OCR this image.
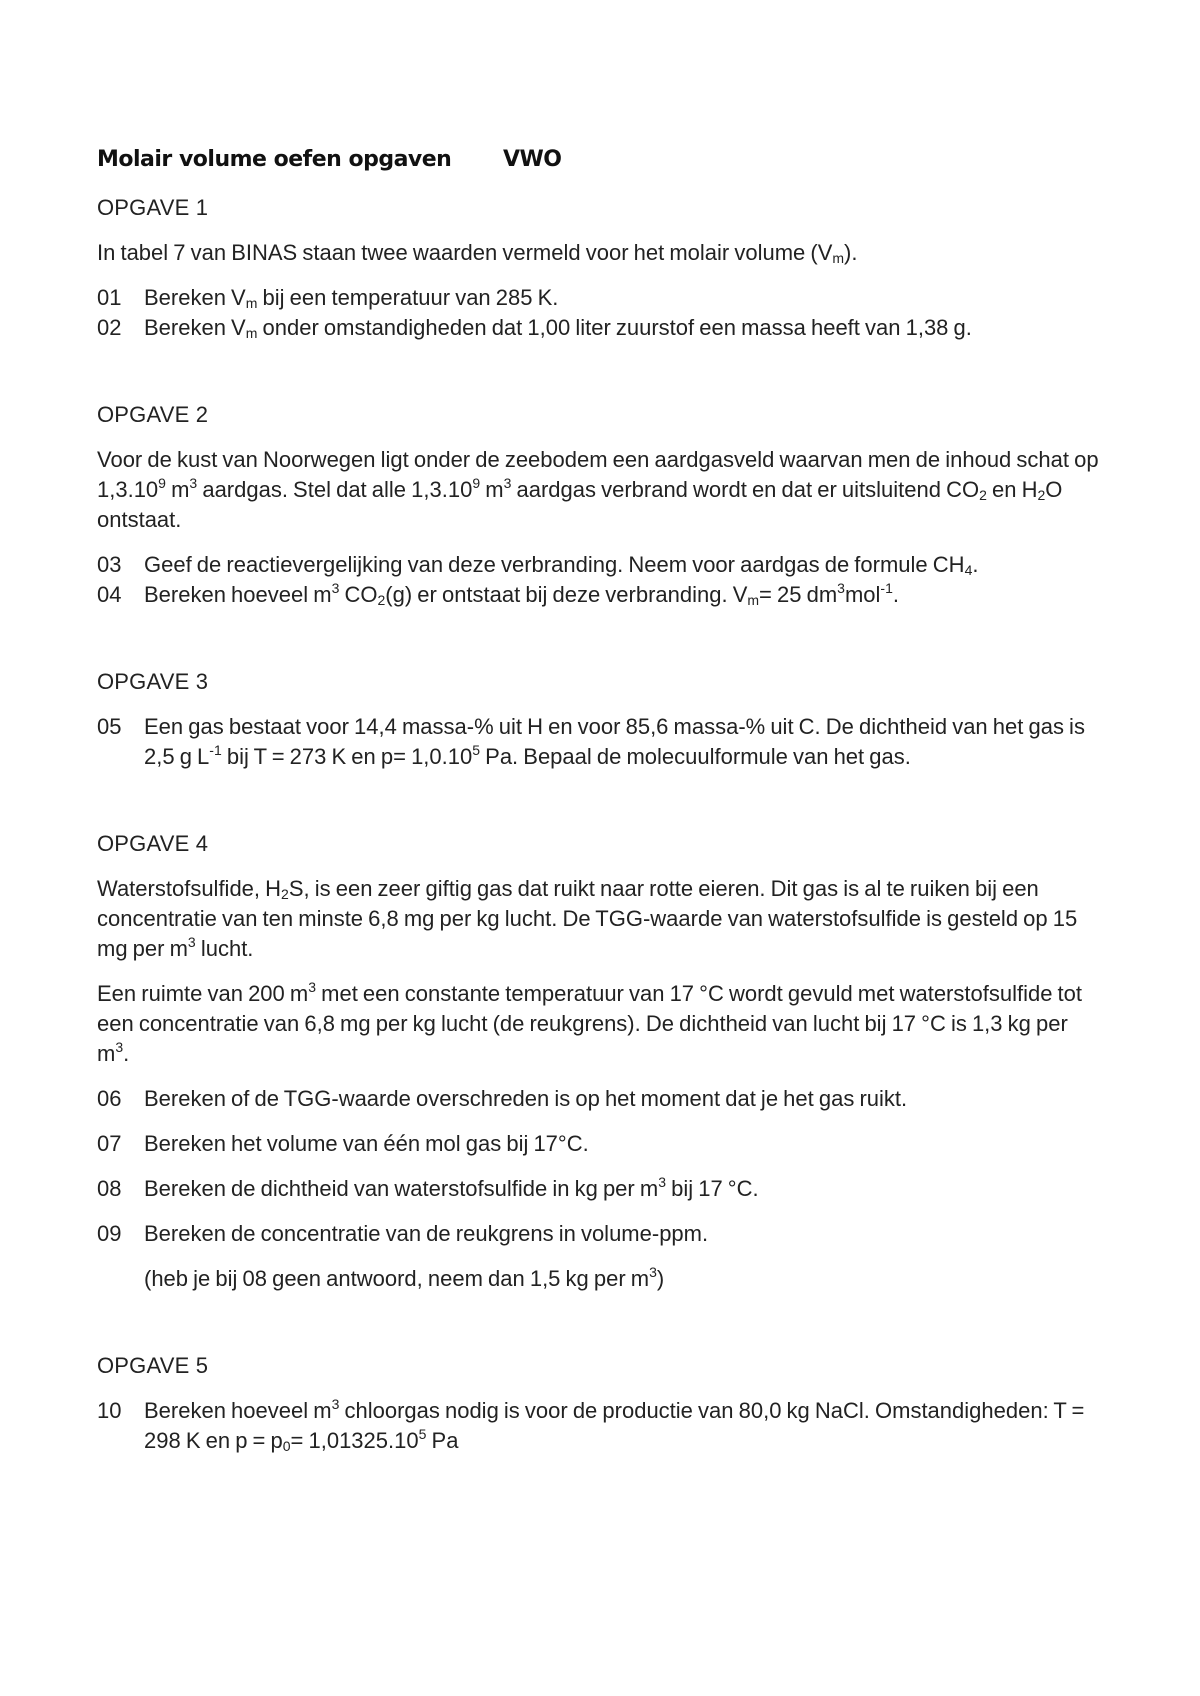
Molair volume oefen opgaven	VWO
OPGAVE 1
In tabel 7 van BINAS staan twee waarden vermeld voor het molair volume $(V_m)$.
01	Bereken $V_m$ bij een temperatuur van 285 K.
02	Bereken $V_m$ onder omstandigheden dat 1,00 liter zuurstof een massa heeft van 1,38 g.
OPGAVE 2
Voor de kust van Noorwegen ligt onder de zeebodem een aardgasveld waarvan men de inhoud schat op 1,3.10$^9$ $m^3$ aardgas. Stel dat alle 1,3.10$^9$ $m^3$ aardgas verbrand wordt en dat er uitsluitend $CO_2$ en $H_2O$ ontstaat.
03	Geef de reactievergelijking van deze verbranding. Neem voor aardgas de formule $CH_4$.
04	Bereken hoeveel $m^3$ $CO_2(g)$ er ontstaat bij deze verbranding. $V_m= 25$ $dm^3mol^{-1}$.
OPGAVE 3
05	Een gas bestaat voor 14,4 massa-% uit H en voor 85,6 massa-% uit C. De dichtheid van het gas is 2,5 g $L^{-1}$ bij T = 273 K en $p= 1,0.10^5$ Pa. Bepaal de molecuulformule van het gas.
OPGAVE 4
Waterstofsulfide, $H_2S$, is een zeer giftig gas dat ruikt naar rotte eieren. Dit gas is al te ruiken bij een concentratie van ten minste 6,8 mg per kg lucht. De TGG-waarde van waterstofsulfide is gesteld op 15 mg per $m^3$ lucht.
Een ruimte van 200 $m^3$ met een constante temperatuur van 17 °C wordt gevuld met waterstofsulfide tot een concentratie van 6,8 mg per kg lucht (de reukgrens). De dichtheid van lucht bij 17 °C is 1,3 kg per $m^3$.
06	Bereken of de TGG-waarde overschreden is op het moment dat je het gas ruikt.
07	Bereken het volume van één mol gas bij 17°C.
08	Bereken de dichtheid van waterstofsulfide in kg per $m^3$ bij 17 °C.
09	Bereken de concentratie van de reukgrens in volume-ppm.
(heb je bij 08 geen antwoord, neem dan 1,5 kg per $m^3$)
OPGAVE 5
10	Bereken hoeveel $m^3$ chloorgas nodig is voor de productie van 80,0 kg NaCl. Omstandigheden: T = 298 K en $p = p_0= 1,01325.10^5$ Pa
